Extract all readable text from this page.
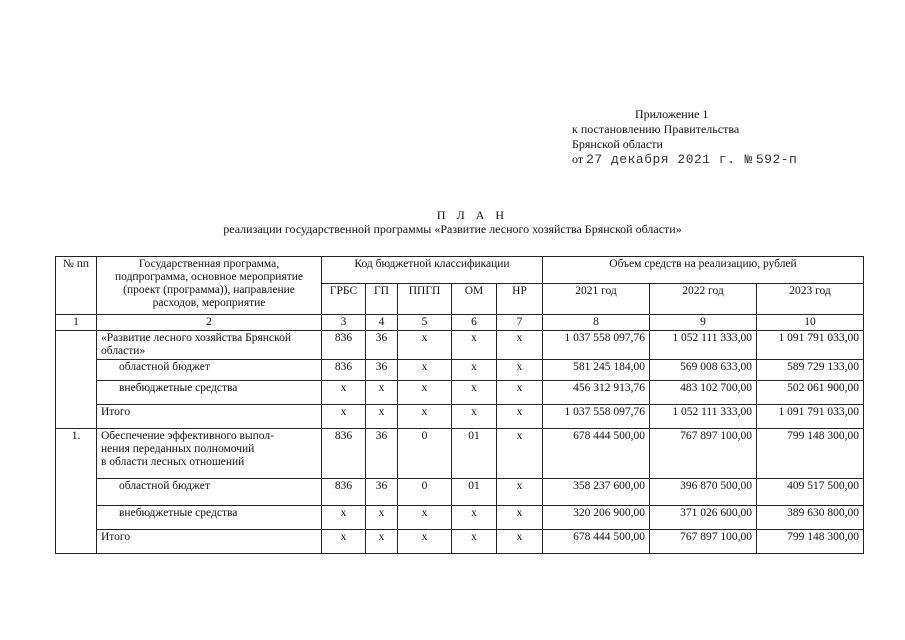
Приложение 1
к постановлению Правительства
Брянской области
от 27 декабря 2021 г. № 592-п
П Л А Н
реализации государственной программы «Развитие лесного хозяйства Брянской области»
№ пп	Государственная программа, подпрограмма, основное мероприятие (проект (программа)), направление расходов, мероприятие	Код бюджетной классификации					Объем средств на реализацию, рублей		
		ГРБС	ГП	ППГП	ОМ	НР	2021 год	2022 год	2023 год
1	2	3	4	5	6	7	8	9	10
	«Развитие лесного хозяйства Брянской области»	836	36	х	х	х	1 037 558 097,76	1 052 111 333,00	1 091 791 033,00
	областной бюджет	836	36	х	х	х	581 245 184,00	569 008 633,00	589 729 133,00
	внебюджетные средства	х	х	х	х	х	456 312 913,76	483 102 700,00	502 061 900,00
	Итого	х	х	х	х	х	1 037 558 097,76	1 052 111 333,00	1 091 791 033,00
1.	Обеспечение эффективного выпол-
нения переданных полномочий
в области лесных отношений	836	36	0	01	х	678 444 500,00	767 897 100,00	799 148 300,00
	областной бюджет	836	36	0	01	х	358 237 600,00	396 870 500,00	409 517 500,00
	внебюджетные средства	х	х	х	х	х	320 206 900,00	371 026 600,00	389 630 800,00
	Итого	х	х	х	х	х	678 444 500,00	767 897 100,00	799 148 300,00
